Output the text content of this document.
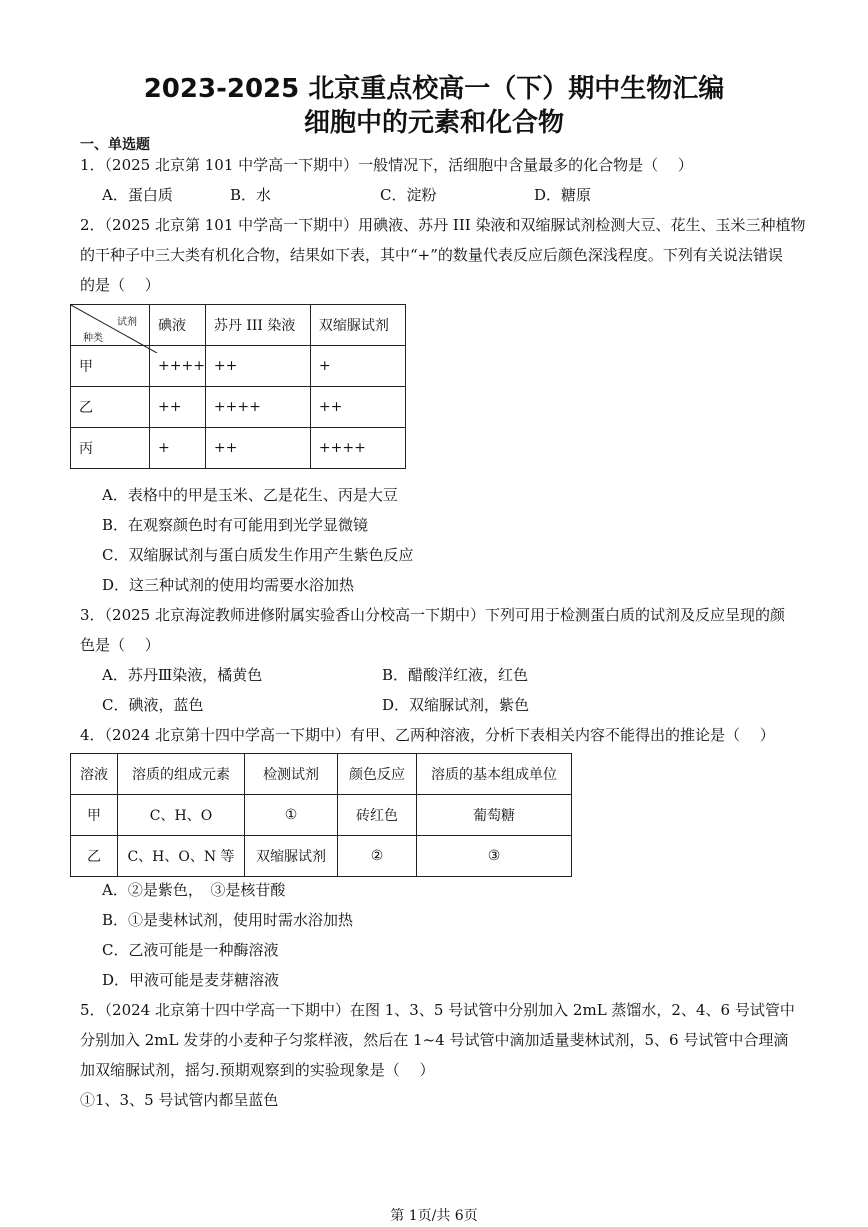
2023-2025 北京重点校高一（下）期中生物汇编
细胞中的元素和化合物
一、单选题
1．（2025 北京第 101 中学高一下期中）一般情况下，活细胞中含量最多的化合物是（　 ）
A．蛋白质	B．水	C．淀粉	D．糖原
2．（2025 北京第 101 中学高一下期中）用碘液、苏丹 III 染液和双缩脲试剂检测大豆、花生、玉米三种植物
的干种子中三大类有机化合物，结果如下表，其中“+”的数量代表反应后颜色深浅程度。下列有关说法错误
的是（　 ）
试剂
种类	碘液	苏丹 III 染液	双缩脲试剂
甲	++++	++	+
乙	++	++++	++
丙	+	++	++++
A．表格中的甲是玉米、乙是花生、丙是大豆
B．在观察颜色时有可能用到光学显微镜
C．双缩脲试剂与蛋白质发生作用产生紫色反应
D．这三种试剂的使用均需要水浴加热
3．（2025 北京海淀教师进修附属实验香山分校高一下期中）下列可用于检测蛋白质的试剂及反应呈现的颜
色是（　 ）
A．苏丹Ⅲ染液，橘黄色	B．醋酸洋红液，红色
C．碘液，蓝色	D．双缩脲试剂，紫色
4．（2024 北京第十四中学高一下期中）有甲、乙两种溶液，分析下表相关内容不能得出的推论是（　 ）
溶液	溶质的组成元素	检测试剂	颜色反应	溶质的基本组成单位
甲	C、H、O	①	砖红色	葡萄糖
乙	C、H、O、N 等	双缩脲试剂	②	③
A．②是紫色，　③是核苷酸
B．①是斐林试剂，使用时需水浴加热
C．乙液可能是一种酶溶液
D．甲液可能是麦芽糖溶液
5．（2024 北京第十四中学高一下期中）在图 1、3、5 号试管中分别加入 2mL 蒸馏水，2、4、6 号试管中
分别加入 2mL 发芽的小麦种子匀浆样液，然后在 1~4 号试管中滴加适量斐林试剂，5、6 号试管中合理滴
加双缩脲试剂，摇匀.预期观察到的实验现象是（　 ）
①1、3、5 号试管内都呈蓝色
第 1页/共 6页
